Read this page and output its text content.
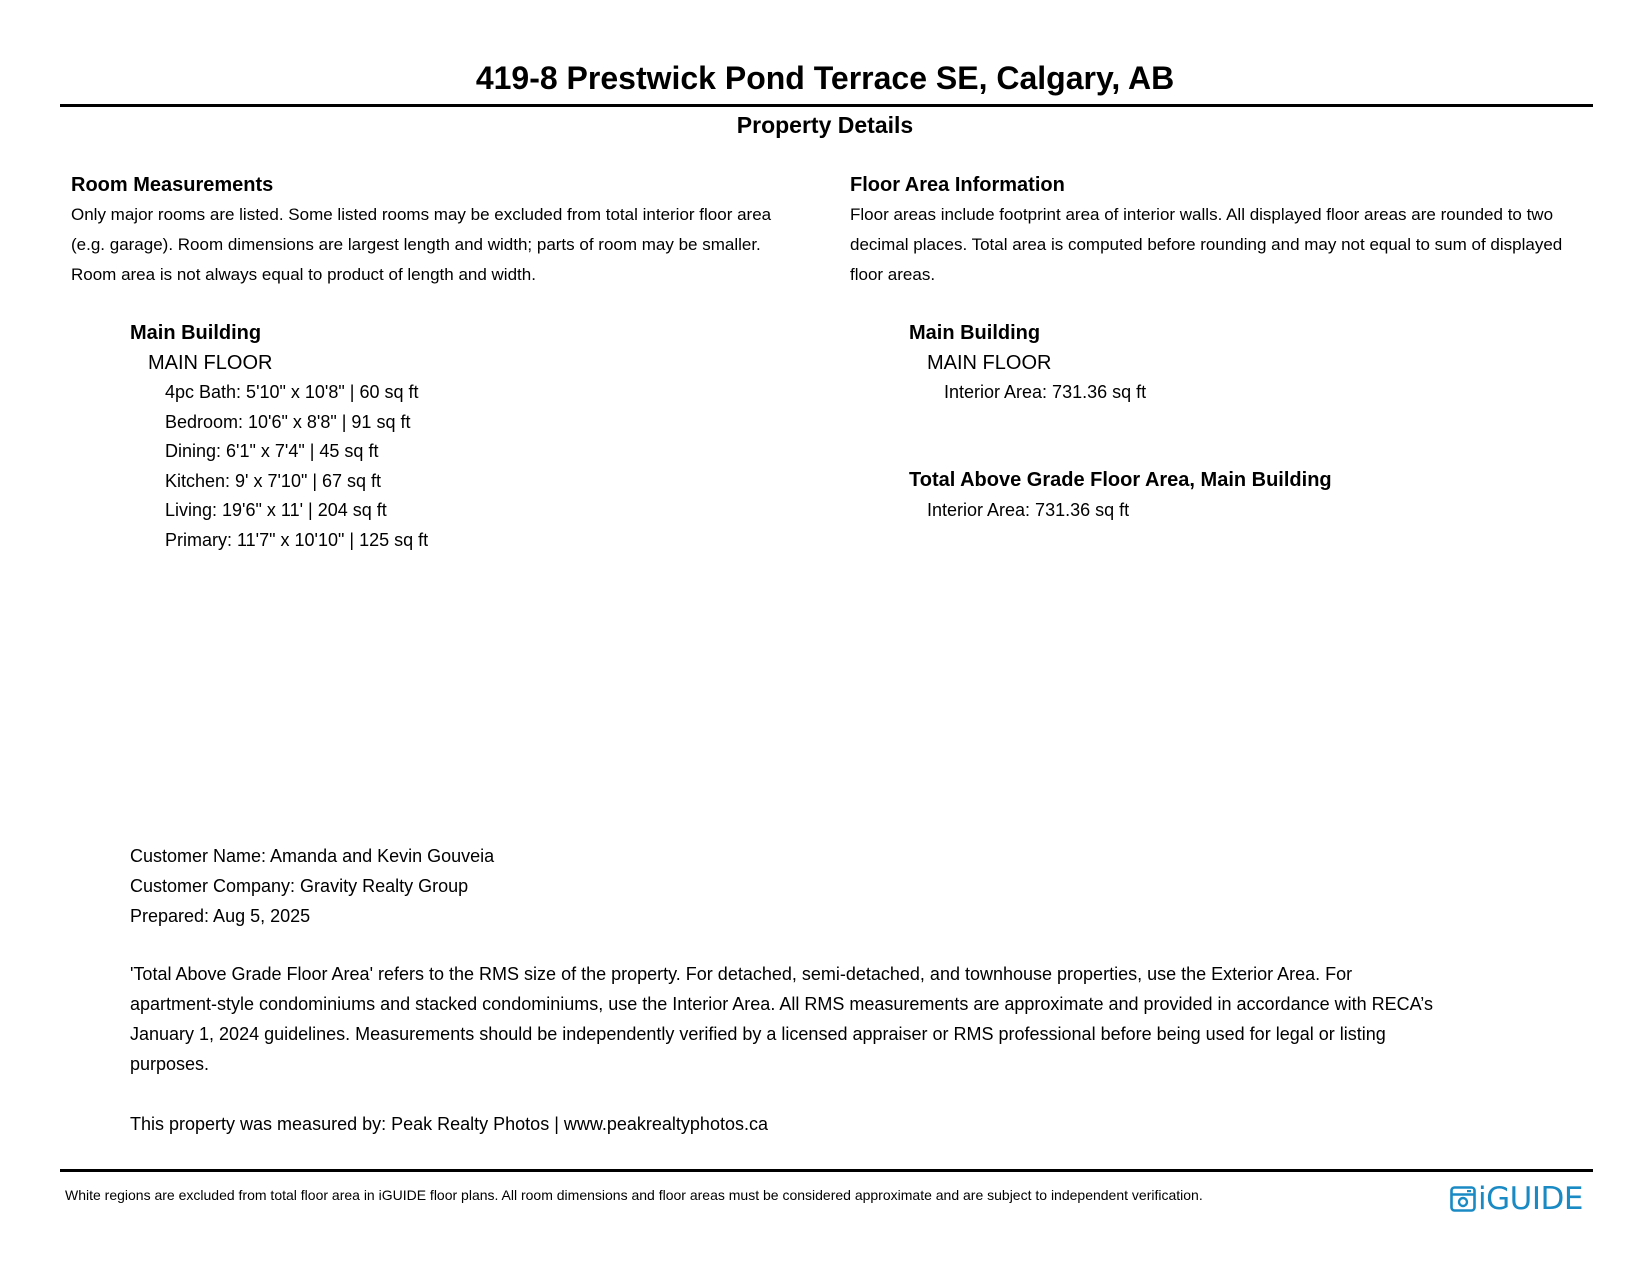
419-8 Prestwick Pond Terrace SE, Calgary, AB
Property Details

Room Measurements

Only major rooms are listed. Some listed rooms may be excluded from total interior floor area

(e.g. garage). Room dimensions are largest length and width; parts of room may be smaller.

Room area is not always equal to product of length and width.

Main Building
MAIN FLOOR
4pc Bath: 5'10" x 10'8" | 60 sq ft
Bedroom: 10'6" x 8'8" | 91 sq ft
Dining: 6'1" x 7'4" | 45 sq ft
Kitchen: 9' x 7'10" | 67 sq ft
Living: 19'6" x 11' | 204 sq ft
Primary: 11'7" x 10'10" | 125 sq ft

Floor Area Information

Floor areas include footprint area of interior walls. All displayed floor areas are rounded to two

decimal places. Total area is computed before rounding and may not equal to sum of displayed

floor areas.

Main Building
MAIN FLOOR
Interior Area: 731.36 sq ft
Total Above Grade Floor Area, Main Building
Interior Area: 731.36 sq ft
Customer Name: Amanda and Kevin Gouveia
Customer Company: Gravity Realty Group
Prepared: Aug 5, 2025
'Total Above Grade Floor Area' refers to the RMS size of the property. For detached, semi-detached, and townhouse properties, use the Exterior Area. For
apartment-style condominiums and stacked condominiums, use the Interior Area. All RMS measurements are approximate and provided in accordance with RECA’s
January 1, 2024 guidelines. Measurements should be independently verified by a licensed appraiser or RMS professional before being used for legal or listing
purposes.
This property was measured by: Peak Realty Photos | www.peakrealtyphotos.ca
White regions are excluded from total floor area in iGUIDE floor plans. All room dimensions and floor areas must be considered approximate and are subject to independent verification.	iGUIDE
